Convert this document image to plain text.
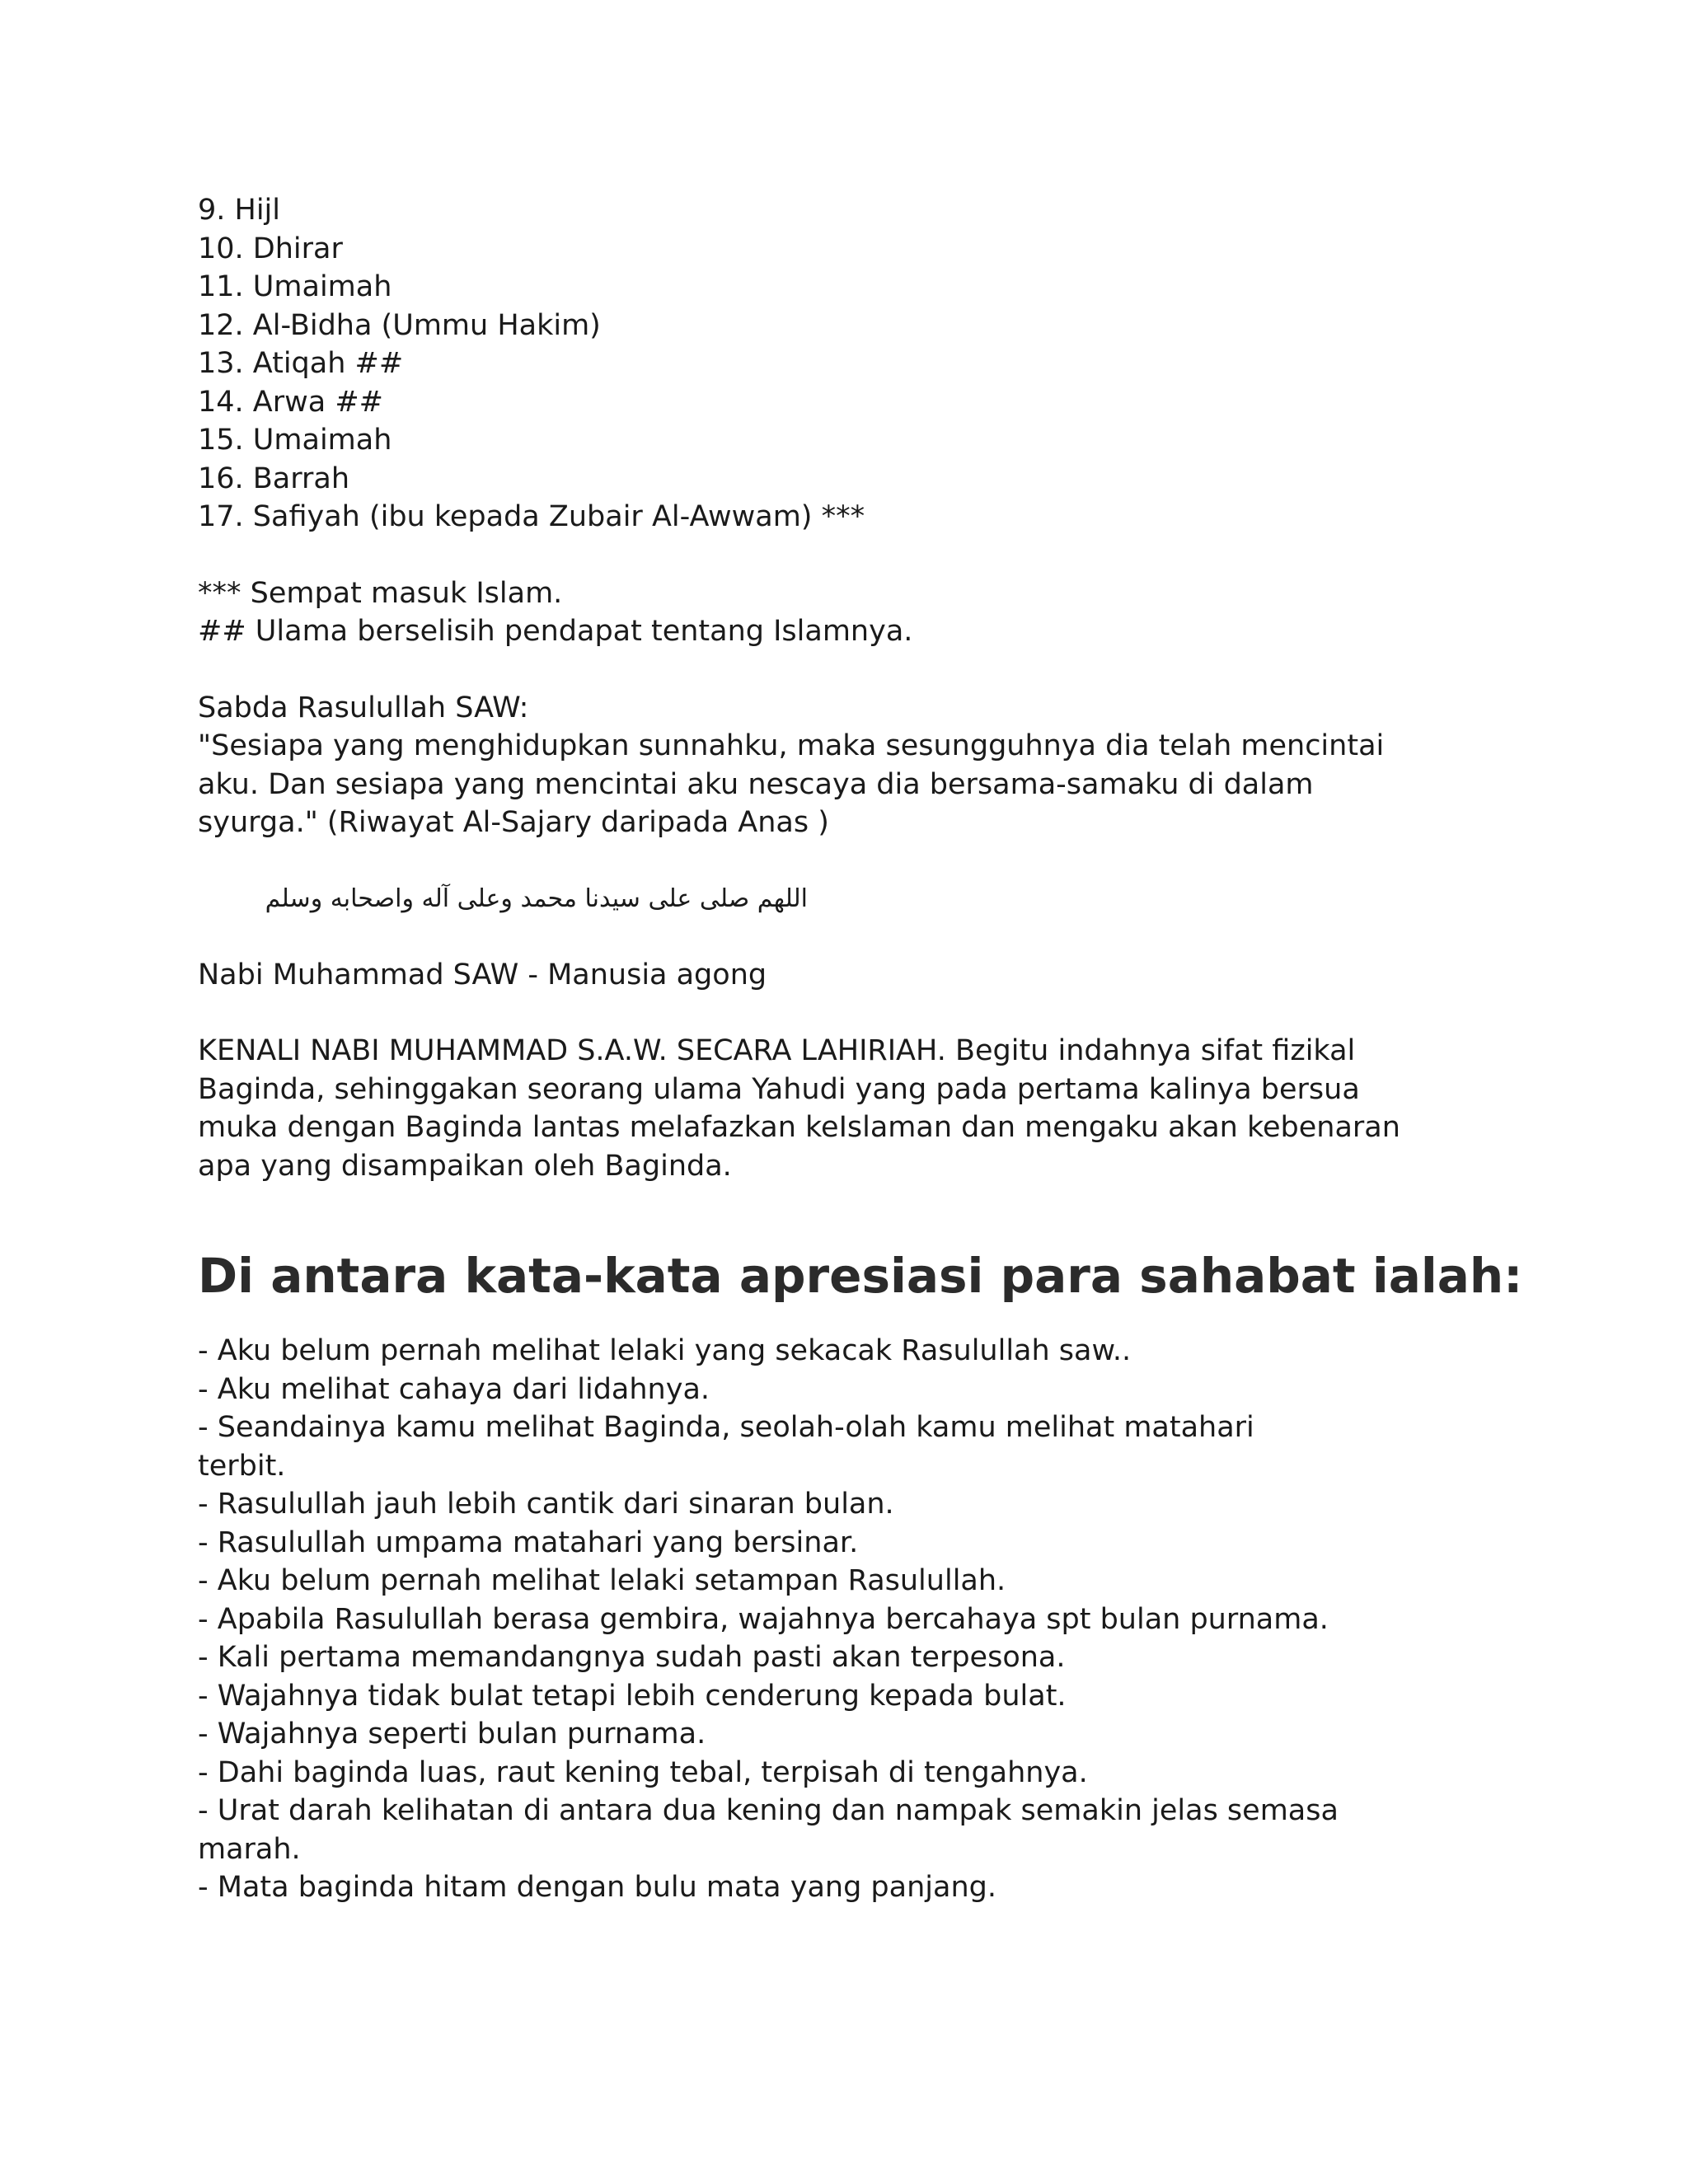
9. Hijl

10. Dhirar

11. Umaimah

12. Al-Bidha (Ummu Hakim)

13. Atiqah ##

14. Arwa ##

15. Umaimah

16. Barrah

17. Safiyah (ibu kepada Zubair Al-Awwam) ***

*** Sempat masuk Islam.

## Ulama berselisih pendapat tentang Islamnya.

Sabda Rasulullah SAW:

"Sesiapa yang menghidupkan sunnahku, maka sesungguhnya dia telah mencintai

aku. Dan sesiapa yang mencintai aku nescaya dia bersama-samaku di dalam

syurga." (Riwayat Al-Sajary daripada Anas )

اللهم صلى على سيدنا محمد وعلى آله واصحابه وسلم

Nabi Muhammad SAW - Manusia agong

KENALI NABI MUHAMMAD S.A.W. SECARA LAHIRIAH. Begitu indahnya sifat fizikal

Baginda, sehinggakan seorang ulama Yahudi yang pada pertama kalinya bersua

muka dengan Baginda lantas melafazkan keIslaman dan mengaku akan kebenaran

apa yang disampaikan oleh Baginda.

Di antara kata-kata apresiasi para sahabat ialah:

- Aku belum pernah melihat lelaki yang sekacak Rasulullah saw..

- Aku melihat cahaya dari lidahnya.

- Seandainya kamu melihat Baginda, seolah-olah kamu melihat matahari

terbit.

- Rasulullah jauh lebih cantik dari sinaran bulan.

- Rasulullah umpama matahari yang bersinar.

- Aku belum pernah melihat lelaki setampan Rasulullah.

- Apabila Rasulullah berasa gembira, wajahnya bercahaya spt bulan purnama.

- Kali pertama memandangnya sudah pasti akan terpesona.

- Wajahnya tidak bulat tetapi lebih cenderung kepada bulat.

- Wajahnya seperti bulan purnama.

- Dahi baginda luas, raut kening tebal, terpisah di tengahnya.

- Urat darah kelihatan di antara dua kening dan nampak semakin jelas semasa

marah.

- Mata baginda hitam dengan bulu mata yang panjang.
